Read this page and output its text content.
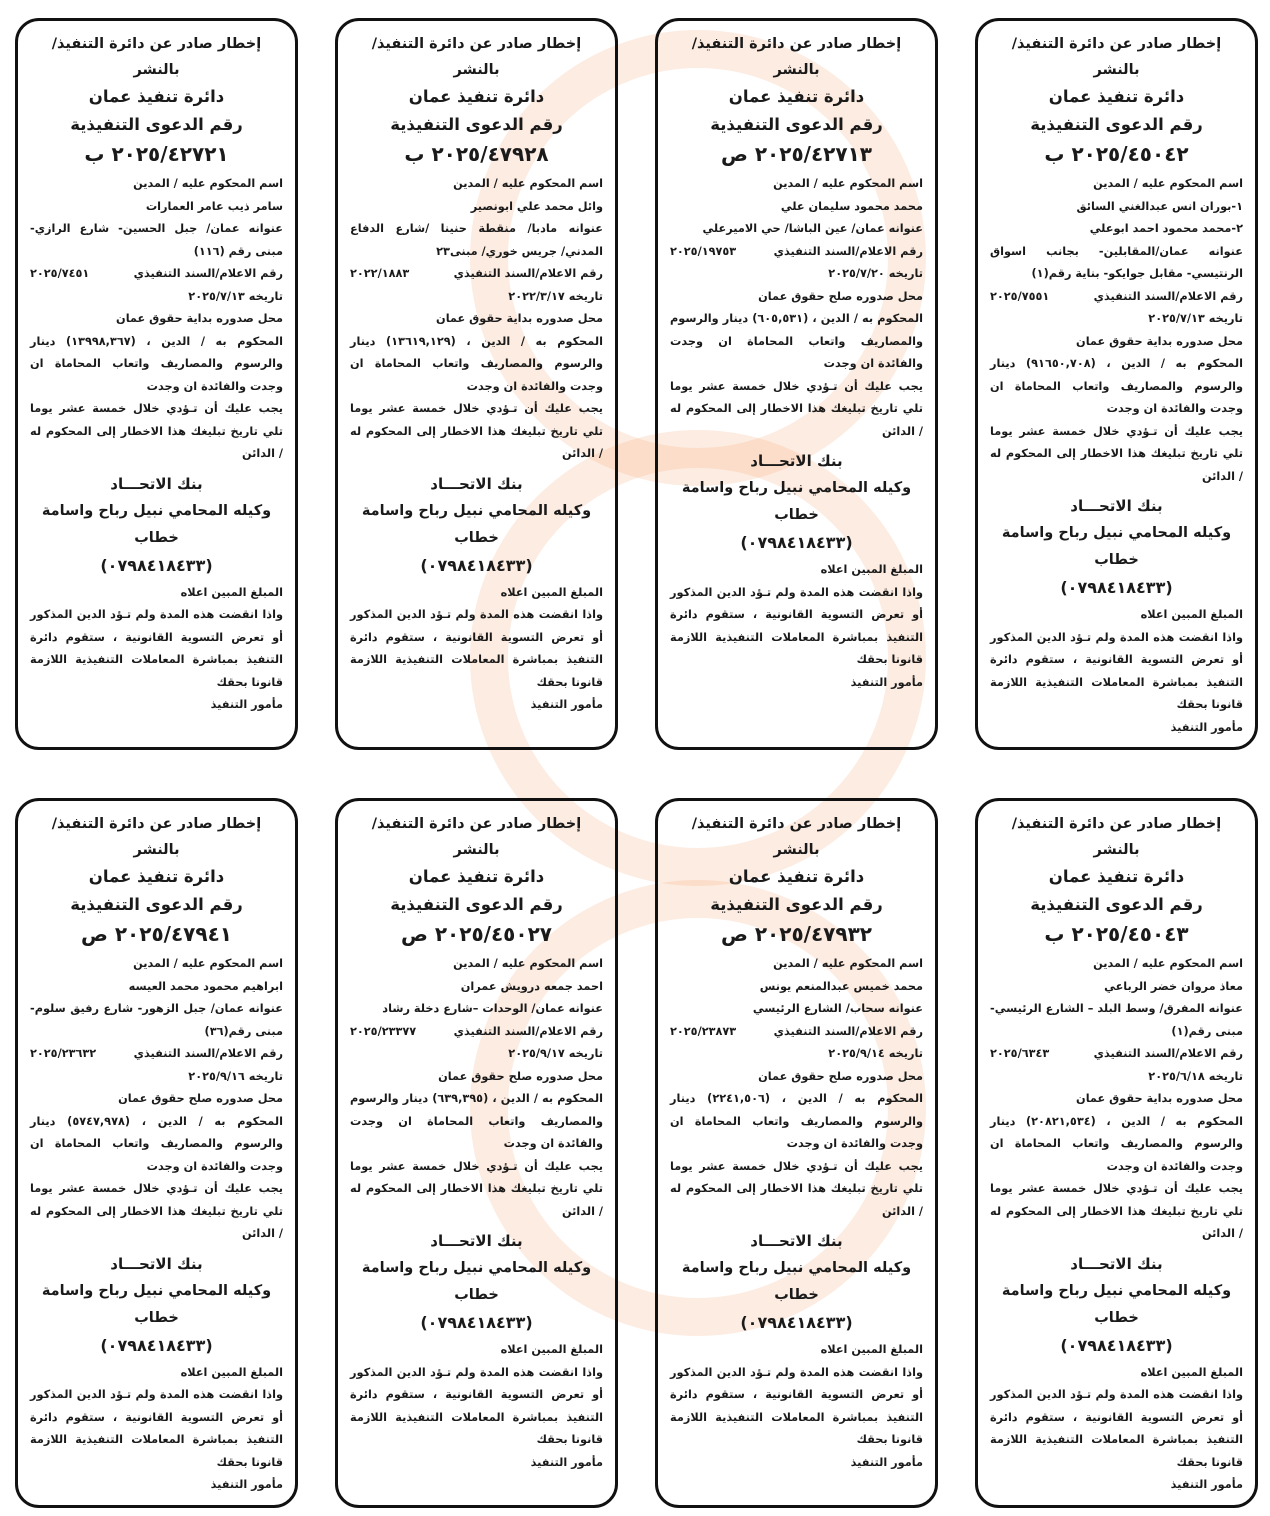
إخطار صادر عن دائرة التنفيذ/ بالنشر
دائرة تنفيذ عمان
رقم الدعوى التنفيذية
٢٠٢٥/٤٥٠٤٢ ب
اسم المحكوم عليه / المدين
١-بوران انس عبدالغني السائق
٢-محمد محمود احمد ابوعلي
عنوانه عمان/المقابلين- بجانب اسواق الرنتيسي- مقابل جوايكو- بناية رقم(١)
رقم الاعلام/السند التنفيذي
٢٠٢٥/٧٥٥١
تاريخه ٢٠٢٥/٧/١٣
محل صدوره بداية حقوق عمان
المحكوم به / الدين ، (٩١٦٥٠,٧٠٨) دينار والرسوم والمصاريف واتعاب المحاماة ان وجدت والفائدة ان وجدت
يجب عليك أن تـؤدي خلال خمسة عشر يوما تلي تاريخ تبليغك هذا الاخطار إلى المحكوم له / الدائن
بنك الاتحـــاد
وكيله المحامي نبيل رباح واسامة خطاب
(٠٧٩٨٤١٨٤٣٣)
المبلغ المبين اعلاه
واذا انقضت هذه المدة ولم تـؤد الدين المذكور أو تعرض التسوية القانونية ، ستقوم دائرة التنفيذ بمباشرة المعاملات التنفيذية اللازمة قانونا بحقك
مأمور التنفيذ
إخطار صادر عن دائرة التنفيذ/ بالنشر
دائرة تنفيذ عمان
رقم الدعوى التنفيذية
٢٠٢٥/٤٢٧١٣ ص
اسم المحكوم عليه / المدين
محمد محمود سليمان علي
عنوانه عمان/ عين الباشا/ حي الاميرعلي
رقم الاعلام/السند التنفيذي
٢٠٢٥/١٩٧٥٣
تاريخه ٢٠٢٥/٧/٢٠
محل صدوره صلح حقوق عمان
المحكوم به / الدين ، (٦٠٥,٥٣١) دينار والرسوم والمصاريف واتعاب المحاماة ان وجدت والفائدة ان وجدت
يجب عليك أن تـؤدي خلال خمسة عشر يوما تلي تاريخ تبليغك هذا الاخطار إلى المحكوم له / الدائن
بنك الاتحـــاد
وكيله المحامي نبيل رباح واسامة خطاب
(٠٧٩٨٤١٨٤٣٣)
المبلغ المبين اعلاه
واذا انقضت هذه المدة ولم تـؤد الدين المذكور أو تعرض التسوية القانونية ، ستقوم دائرة التنفيذ بمباشرة المعاملات التنفيذية اللازمة قانونا بحقك
مأمور التنفيذ
إخطار صادر عن دائرة التنفيذ/ بالنشر
دائرة تنفيذ عمان
رقم الدعوى التنفيذية
٢٠٢٥/٤٧٩٢٨ ب
اسم المحكوم عليه / المدين
وائل محمد علي ابونصير
عنوانه مادبا/ منقطة حنينا /شارع الدفاع المدني/ جريس خوري/ مبنى٢٣
رقم الاعلام/السند التنفيذي
٢٠٢٢/١٨٨٣
تاريخه ٢٠٢٢/٣/١٧
محل صدوره بداية حقوق عمان
المحكوم به / الدين ، (١٣٦١٩,١٢٩) دينار والرسوم والمصاريف واتعاب المحاماة ان وجدت والفائدة ان وجدت
يجب عليك أن تـؤدي خلال خمسة عشر يوما تلي تاريخ تبليغك هذا الاخطار إلى المحكوم له / الدائن
بنك الاتحـــاد
وكيله المحامي نبيل رباح واسامة خطاب
(٠٧٩٨٤١٨٤٣٣)
المبلغ المبين اعلاه
واذا انقضت هذه المدة ولم تـؤد الدين المذكور أو تعرض التسوية القانونية ، ستقوم دائرة التنفيذ بمباشرة المعاملات التنفيذية اللازمة قانونا بحقك
مأمور التنفيذ
إخطار صادر عن دائرة التنفيذ/ بالنشر
دائرة تنفيذ عمان
رقم الدعوى التنفيذية
٢٠٢٥/٤٢٧٢١ ب
اسم المحكوم عليه / المدين
سامر ذيب عامر العمارات
عنوانه عمان/ جبل الحسين- شارع الرازي- مبنى رقم (١١٦)
رقم الاعلام/السند التنفيذي
٢٠٢٥/٧٤٥١
تاريخه ٢٠٢٥/٧/١٣
محل صدوره بداية حقوق عمان
المحكوم به / الدين ، (١٣٩٩٨,٣٦٧) دينار والرسوم والمصاريف واتعاب المحاماة ان وجدت والفائدة ان وجدت
يجب عليك أن تـؤدي خلال خمسة عشر يوما تلي تاريخ تبليغك هذا الاخطار إلى المحكوم له / الدائن
بنك الاتحـــاد
وكيله المحامي نبيل رباح واسامة خطاب
(٠٧٩٨٤١٨٤٣٣)
المبلغ المبين اعلاه
واذا انقضت هذه المدة ولم تـؤد الدين المذكور أو تعرض التسوية القانونية ، ستقوم دائرة التنفيذ بمباشرة المعاملات التنفيذية اللازمة قانونا بحقك
مأمور التنفيذ
إخطار صادر عن دائرة التنفيذ/ بالنشر
دائرة تنفيذ عمان
رقم الدعوى التنفيذية
٢٠٢٥/٤٥٠٤٣ ب
اسم المحكوم عليه / المدين
معاذ مروان خضر الرباعي
عنوانه المفرق/ وسط البلد – الشارع الرئيسي- مبنى رقم(١)
رقم الاعلام/السند التنفيذي
٢٠٢٥/٦٣٤٣
تاريخه ٢٠٢٥/٦/١٨
محل صدوره بداية حقوق عمان
المحكوم به / الدين ، (٢٠٨٢١,٥٣٤) دينار والرسوم والمصاريف واتعاب المحاماة ان وجدت والفائدة ان وجدت
يجب عليك أن تـؤدي خلال خمسة عشر يوما تلي تاريخ تبليغك هذا الاخطار إلى المحكوم له / الدائن
بنك الاتحـــاد
وكيله المحامي نبيل رباح واسامة خطاب
(٠٧٩٨٤١٨٤٣٣)
المبلغ المبين اعلاه
واذا انقضت هذه المدة ولم تـؤد الدين المذكور أو تعرض التسوية القانونية ، ستقوم دائرة التنفيذ بمباشرة المعاملات التنفيذية اللازمة قانونا بحقك
مأمور التنفيذ
إخطار صادر عن دائرة التنفيذ/ بالنشر
دائرة تنفيذ عمان
رقم الدعوى التنفيذية
٢٠٢٥/٤٧٩٣٢ ص
اسم المحكوم عليه / المدين
محمد خميس عبدالمنعم يونس
عنوانه سحاب/ الشارع الرئيسي
رقم الاعلام/السند التنفيذي
٢٠٢٥/٢٣٨٧٣
تاريخه ٢٠٢٥/٩/١٤
محل صدوره صلح حقوق عمان
المحكوم به / الدين ، (٢٢٤١,٥٠٦) دينار والرسوم والمصاريف واتعاب المحاماة ان وجدت والفائدة ان وجدت
يجب عليك أن تـؤدي خلال خمسة عشر يوما تلي تاريخ تبليغك هذا الاخطار إلى المحكوم له / الدائن
بنك الاتحـــاد
وكيله المحامي نبيل رباح واسامة خطاب
(٠٧٩٨٤١٨٤٣٣)
المبلغ المبين اعلاه
واذا انقضت هذه المدة ولم تـؤد الدين المذكور أو تعرض التسوية القانونية ، ستقوم دائرة التنفيذ بمباشرة المعاملات التنفيذية اللازمة قانونا بحقك
مأمور التنفيذ
إخطار صادر عن دائرة التنفيذ/ بالنشر
دائرة تنفيذ عمان
رقم الدعوى التنفيذية
٢٠٢٥/٤٥٠٢٧ ص
اسم المحكوم عليه / المدين
احمد جمعه درويش عمران
عنوانه عمان/ الوحدات –شارع دخلة رشاد
رقم الاعلام/السند التنفيذي
٢٠٢٥/٢٣٣٧٧
تاريخه ٢٠٢٥/٩/١٧
محل صدوره صلح حقوق عمان
المحكوم به / الدين ، (٦٣٩,٣٩٥) دينار والرسوم والمصاريف واتعاب المحاماة ان وجدت والفائدة ان وجدت
يجب عليك أن تـؤدي خلال خمسة عشر يوما تلي تاريخ تبليغك هذا الاخطار إلى المحكوم له / الدائن
بنك الاتحـــاد
وكيله المحامي نبيل رباح واسامة خطاب
(٠٧٩٨٤١٨٤٣٣)
المبلغ المبين اعلاه
واذا انقضت هذه المدة ولم تـؤد الدين المذكور أو تعرض التسوية القانونية ، ستقوم دائرة التنفيذ بمباشرة المعاملات التنفيذية اللازمة قانونا بحقك
مأمور التنفيذ
إخطار صادر عن دائرة التنفيذ/ بالنشر
دائرة تنفيذ عمان
رقم الدعوى التنفيذية
٢٠٢٥/٤٧٩٤١ ص
اسم المحكوم عليه / المدين
ابراهيم محمود محمد العيسه
عنوانه عمان/ جبل الزهور- شارع رفيق سلوم- مبنى رقم(٣٦)
رقم الاعلام/السند التنفيذي
٢٠٢٥/٢٣٦٣٢
تاريخه ٢٠٢٥/٩/١٦
محل صدوره صلح حقوق عمان
المحكوم به / الدين ، (٥٧٤٧,٩٧٨) دينار والرسوم والمصاريف واتعاب المحاماة ان وجدت والفائدة ان وجدت
يجب عليك أن تـؤدي خلال خمسة عشر يوما تلي تاريخ تبليغك هذا الاخطار إلى المحكوم له / الدائن
بنك الاتحـــاد
وكيله المحامي نبيل رباح واسامة خطاب
(٠٧٩٨٤١٨٤٣٣)
المبلغ المبين اعلاه
واذا انقضت هذه المدة ولم تـؤد الدين المذكور أو تعرض التسوية القانونية ، ستقوم دائرة التنفيذ بمباشرة المعاملات التنفيذية اللازمة قانونا بحقك
مأمور التنفيذ
